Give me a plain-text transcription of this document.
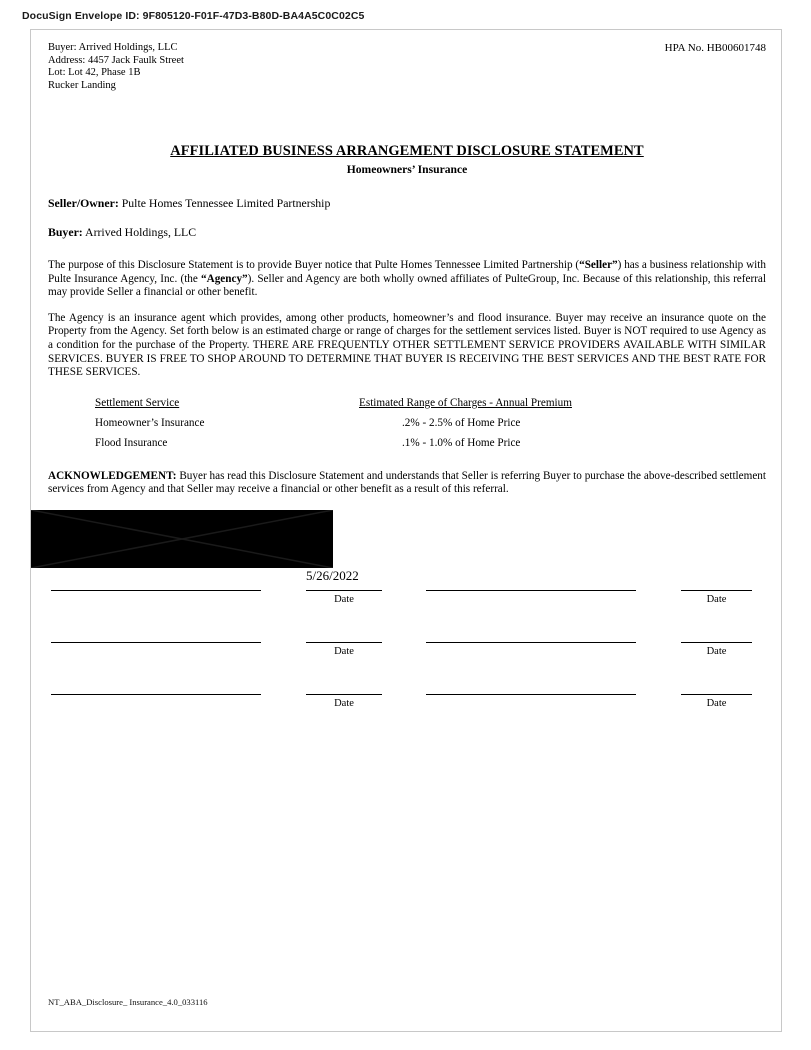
DocuSign Envelope ID: 9F805120-F01F-47D3-B80D-BA4A5C0C02C5
Buyer: Arrived Holdings, LLC
Address: 4457 Jack Faulk Street
Lot: Lot 42, Phase 1B
Rucker Landing
HPA No. HB00601748
AFFILIATED BUSINESS ARRANGEMENT DISCLOSURE STATEMENT
Homeowners’ Insurance
Seller/Owner: Pulte Homes Tennessee Limited Partnership
Buyer: Arrived Holdings, LLC
The purpose of this Disclosure Statement is to provide Buyer notice that Pulte Homes Tennessee Limited Partnership (“Seller”) has a business relationship with Pulte Insurance Agency, Inc. (the “Agency”). Seller and Agency are both wholly owned affiliates of PulteGroup, Inc. Because of this relationship, this referral may provide Seller a financial or other benefit.
The Agency is an insurance agent which provides, among other products, homeowner’s and flood insurance. Buyer may receive an insurance quote on the Property from the Agency. Set forth below is an estimated charge or range of charges for the settlement services listed. Buyer is NOT required to use Agency as a condition for the purchase of the Property. THERE ARE FREQUENTLY OTHER SETTLEMENT SERVICE PROVIDERS AVAILABLE WITH SIMILAR SERVICES. BUYER IS FREE TO SHOP AROUND TO DETERMINE THAT BUYER IS RECEIVING THE BEST SERVICES AND THE BEST RATE FOR THESE SERVICES.
Settlement Service	Estimated Range of Charges - Annual Premium
Homeowner’s Insurance	.2% - 2.5% of Home Price
Flood Insurance	.1% - 1.0% of Home Price
ACKNOWLEDGEMENT: Buyer has read this Disclosure Statement and understands that Seller is referring Buyer to purchase the above-described settlement services from Agency and that Seller may receive a financial or other benefit as a result of this referral.
Date	Date
5/26/2022
Date	Date
Date	Date
NT_ABA_Disclosure_ Insurance_4.0_033116
